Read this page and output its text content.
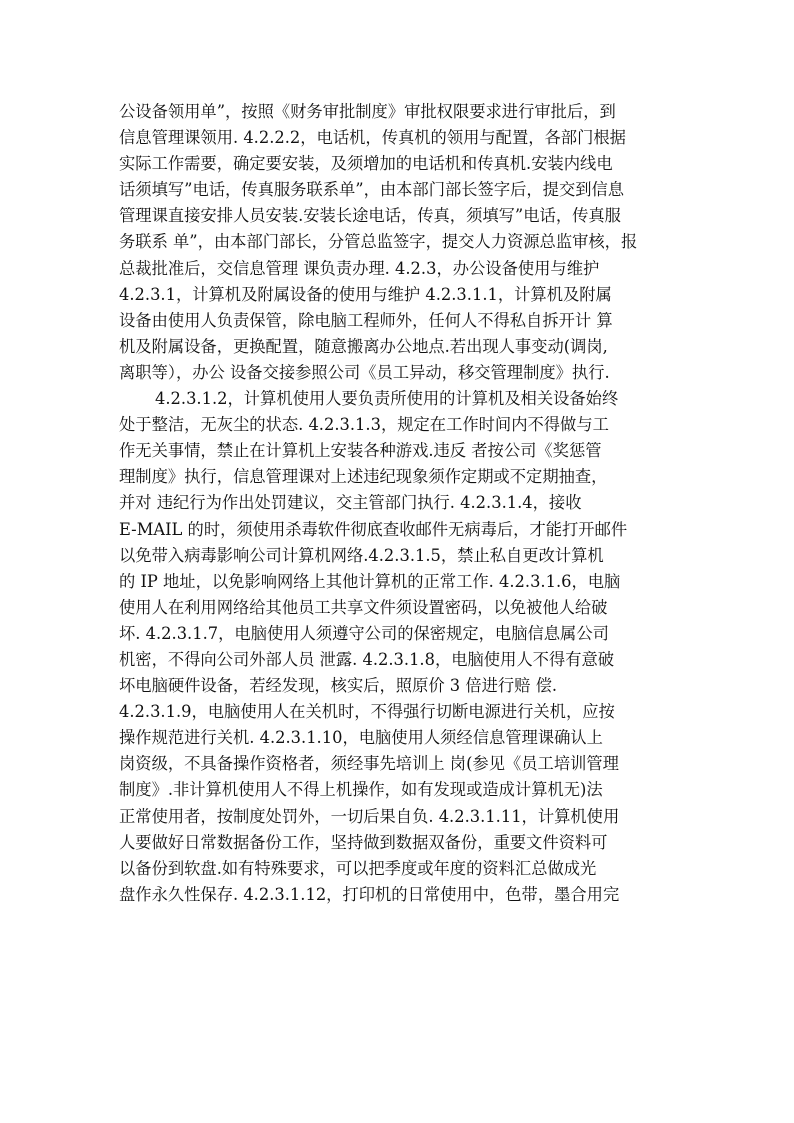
公设备领用单”，按照《财务审批制度》审批权限要求进行审批后，到
信息管理课领用. 4.2.2.2，电话机，传真机的领用与配置，各部门根据
实际工作需要，确定要安装，及须增加的电话机和传真机.安装内线电
话须填写”电话，传真服务联系单”，由本部门部长签字后，提交到信息
管理课直接安排人员安装.安装长途电话，传真，须填写”电话，传真服
务联系 单”，由本部门部长，分管总监签字，提交人力资源总监审核，报
总裁批准后，交信息管理 课负责办理. 4.2.3，办公设备使用与维护
4.2.3.1，计算机及附属设备的使用与维护 4.2.3.1.1，计算机及附属
设备由使用人负责保管，除电脑工程师外，任何人不得私自拆开计 算
机及附属设备，更换配置，随意搬离办公地点.若出现人事变动(调岗,
离职等），办公 设备交接参照公司《员工异动，移交管理制度》执行.
4.2.3.1.2，计算机使用人要负责所使用的计算机及相关设备始终
处于整洁，无灰尘的状态. 4.2.3.1.3，规定在工作时间内不得做与工
作无关事情，禁止在计算机上安装各种游戏.违反 者按公司《奖惩管
理制度》执行，信息管理课对上述违纪现象须作定期或不定期抽查，
并对 违纪行为作出处罚建议，交主管部门执行. 4.2.3.1.4，接收
E-MAIL 的时，须使用杀毒软件彻底查收邮件无病毒后，才能打开邮件
以免带入病毒影响公司计算机网络.4.2.3.1.5，禁止私自更改计算机
的 IP 地址，以免影响网络上其他计算机的正常工作. 4.2.3.1.6，电脑
使用人在利用网络给其他员工共享文件须设置密码，以免被他人给破
坏. 4.2.3.1.7，电脑使用人须遵守公司的保密规定，电脑信息属公司
机密，不得向公司外部人员 泄露. 4.2.3.1.8，电脑使用人不得有意破
坏电脑硬件设备，若经发现，核实后，照原价 3 倍进行赔 偿.
4.2.3.1.9，电脑使用人在关机时，不得强行切断电源进行关机，应按
操作规范进行关机. 4.2.3.1.10，电脑使用人须经信息管理课确认上
岗资级，不具备操作资格者，须经事先培训上 岗(参见《员工培训管理
制度》.非计算机使用人不得上机操作，如有发现或造成计算机无)法
正常使用者，按制度处罚外，一切后果自负. 4.2.3.1.11，计算机使用
人要做好日常数据备份工作，坚持做到数据双备份，重要文件资料可
以备份到软盘.如有特殊要求，可以把季度或年度的资料汇总做成光
盘作永久性保存. 4.2.3.1.12，打印机的日常使用中，色带，墨合用完
